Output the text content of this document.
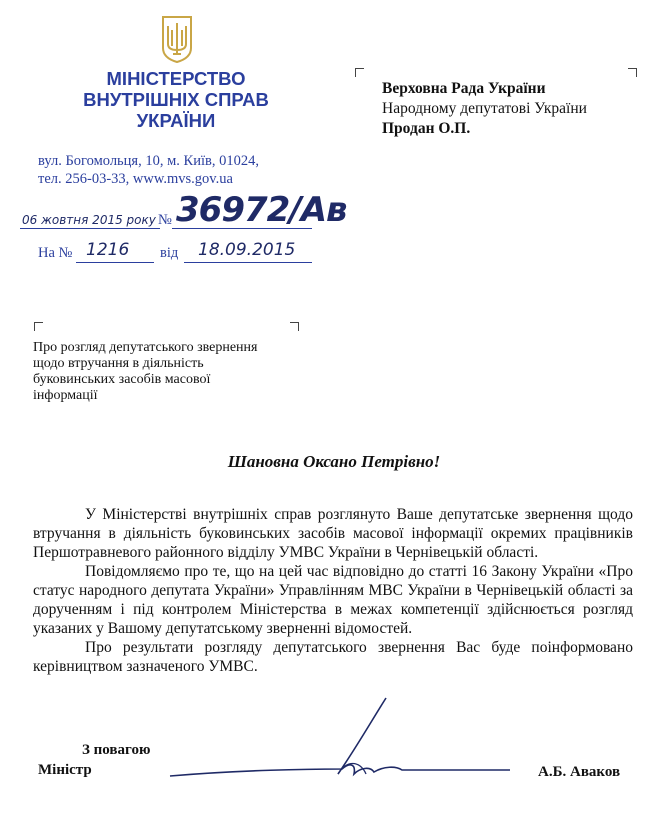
МІНІСТЕРСТВО
ВНУТРІШНІХ СПРАВ
УКРАЇНИ
вул. Богомольця, 10, м. Київ, 01024,
тел. 256-03-33, www.mvs.gov.ua
06 жовтня 2015 року № 36972/Ав
На № 1216 від 18.09.2015
Верховна Рада України
Народному депутатові України
Продан О.П.
Про розгляд депутатського звернення
щодо втручання в діяльність
буковинських засобів масової
інформації
Шановна Оксано Петрівно!

У Міністерстві внутрішніх справ розглянуто Ваше депутатське звернення щодо втручання в діяльність буковинських засобів масової інформації окремих працівників Першотравневого районного відділу УМВС України в Чернівецькій області.

Повідомляємо про те, що на цей час відповідно до статті 16 Закону України «Про статус народного депутата України» Управлінням МВС України в Чернівецькій області за дорученням і під контролем Міністерства в межах компетенції здійснюється розгляд указаних у Вашому депутатському зверненні відомостей.

Про результати розгляду депутатського звернення Вас буде поінформовано керівництвом зазначеного УМВС.

З повагою
Міністр	А.Б. Аваков
